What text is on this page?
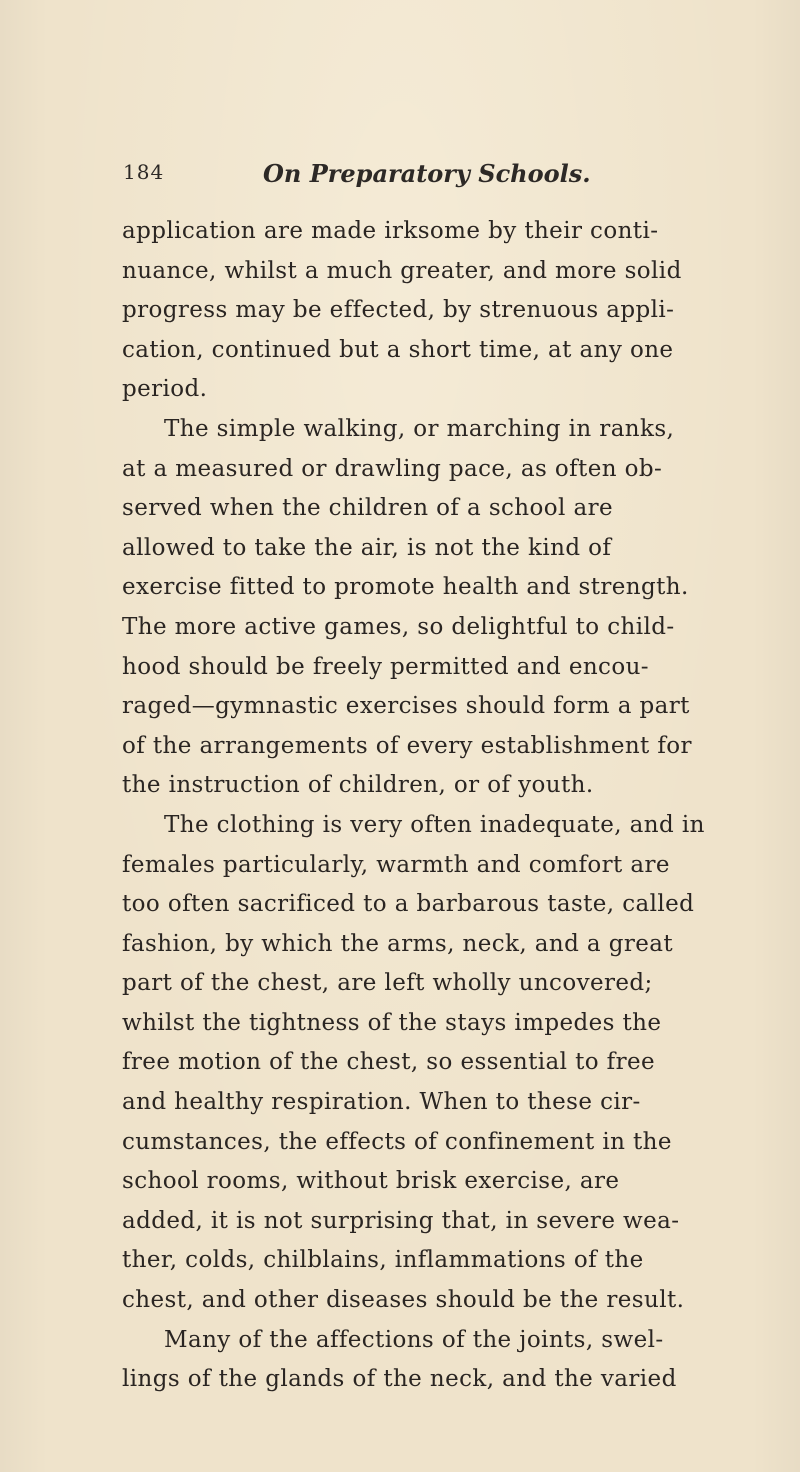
184	On Preparatory Schools.
application are made irksome by their conti-
nuance, whilst a much greater, and more solid
progress may be effected, by strenuous appli-
cation, continued but a short time, at any one
period.
The simple walking, or marching in ranks,
at a measured or drawling pace, as often ob-
served when the children of a school are
allowed to take the air, is not the kind of
exercise fitted to promote health and strength.
The more active games, so delightful to child-
hood should be freely permitted and encou-
raged—gymnastic exercises should form a part
of the arrangements of every establishment for
the instruction of children, or of youth.
The clothing is very often inadequate, and in
females particularly, warmth and comfort are
too often sacrificed to a barbarous taste, called
fashion, by which the arms, neck, and a great
part of the chest, are left wholly uncovered;
whilst the tightness of the stays impedes the
free motion of the chest, so essential to free
and healthy respiration. When to these cir-
cumstances, the effects of confinement in the
school rooms, without brisk exercise, are
added, it is not surprising that, in severe wea-
ther, colds, chilblains, inflammations of the
chest, and other diseases should be the result.
Many of the affections of the joints, swel-
lings of the glands of the neck, and the varied
